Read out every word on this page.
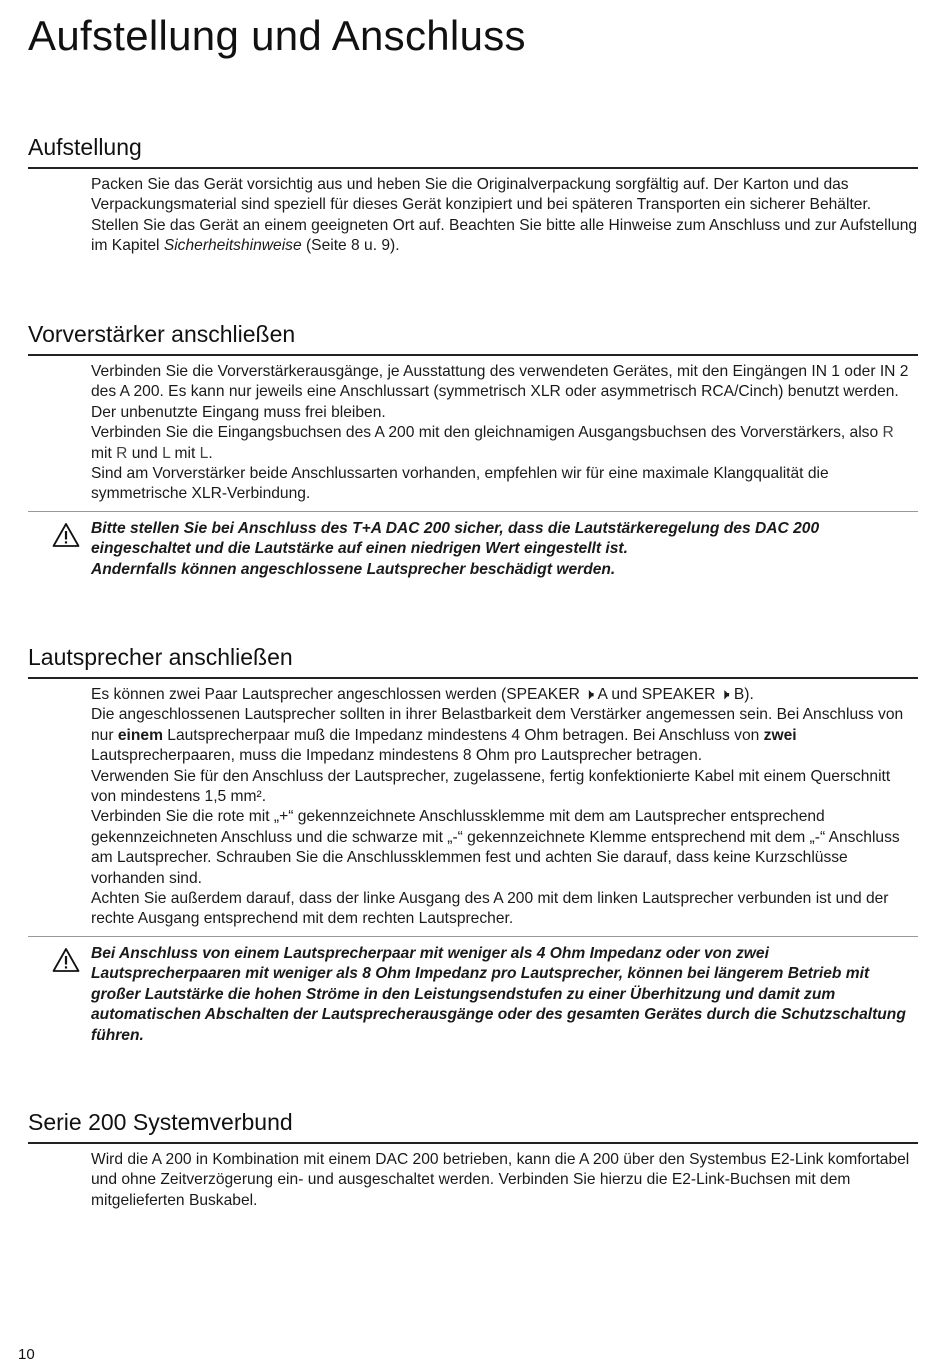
Aufstellung und Anschluss
Aufstellung

Packen Sie das Gerät vorsichtig aus und heben Sie die Originalverpackung sorgfältig auf. Der Karton und das Verpackungsmaterial sind speziell für dieses Gerät konzipiert und bei späteren Transporten ein sicherer Behälter. Stellen Sie das Gerät an einem geeigneten Ort auf. Beachten Sie bitte alle Hinweise zum Anschluss und zur Aufstellung im Kapitel Sicherheitshinweise (Seite 8 u. 9).

Vorverstärker anschließen

Verbinden Sie die Vorverstärkerausgänge, je Ausstattung des verwendeten Gerätes, mit den Eingängen IN 1 oder IN 2 des A 200. Es kann nur jeweils eine Anschlussart (symmetrisch XLR oder asymmetrisch RCA/Cinch) benutzt werden. Der unbenutzte Eingang muss frei bleiben.

Verbinden Sie die Eingangsbuchsen des A 200 mit den gleichnamigen Ausgangsbuchsen des Vorverstärkers, also R mit R und L mit L.

Sind am Vorverstärker beide Anschlussarten vorhanden, empfehlen wir für eine maximale Klangqualität die symmetrische XLR-Verbindung.

Bitte stellen Sie bei Anschluss des T+A DAC 200 sicher, dass die Lautstärkeregelung des DAC 200 eingeschaltet und die Lautstärke auf einen niedrigen Wert eingestellt ist.

Andernfalls können angeschlossene Lautsprecher beschädigt werden.

Lautsprecher anschließen

Es können zwei Paar Lautsprecher angeschlossen werden (SPEAKER 🕨 A und SPEAKER 🕨 B).

Die angeschlossenen Lautsprecher sollten in ihrer Belastbarkeit dem Verstärker angemessen sein. Bei Anschluss von nur einem Lautsprecherpaar muß die Impedanz mindestens 4 Ohm betragen. Bei Anschluss von zwei Lautsprecherpaaren, muss die Impedanz mindestens 8 Ohm pro Lautsprecher betragen.

Verwenden Sie für den Anschluss der Lautsprecher, zugelassene, fertig konfektionierte Kabel mit einem Querschnitt von mindestens 1,5 mm².

Verbinden Sie die rote mit „+“ gekennzeichnete Anschlussklemme mit dem am Lautsprecher entsprechend gekennzeichneten Anschluss und die schwarze mit „-“ gekennzeichnete Klemme entsprechend mit dem „-“ Anschluss am Lautsprecher. Schrauben Sie die Anschlussklemmen fest und achten Sie darauf, dass keine Kurzschlüsse vorhanden sind.

Achten Sie außerdem darauf, dass der linke Ausgang des A 200 mit dem linken Lautsprecher verbunden ist und der rechte Ausgang entsprechend mit dem rechten Lautsprecher.

Bei Anschluss von einem Lautsprecherpaar mit weniger als 4 Ohm Impedanz oder von zwei Lautsprecherpaaren mit weniger als 8 Ohm Impedanz pro Lautsprecher, können bei längerem Betrieb mit großer Lautstärke die hohen Ströme in den Leistungsendstufen zu einer Überhitzung und damit zum automatischen Abschalten der Lautsprecherausgänge oder des gesamten Gerätes durch die Schutzschaltung führen.

Serie 200 Systemverbund

Wird die A 200 in Kombination mit einem DAC 200 betrieben, kann die A 200 über den Systembus E2-Link komfortabel und ohne Zeitverzögerung ein- und ausgeschaltet werden. Verbinden Sie hierzu die E2-Link-Buchsen mit dem mitgelieferten Buskabel.

10
